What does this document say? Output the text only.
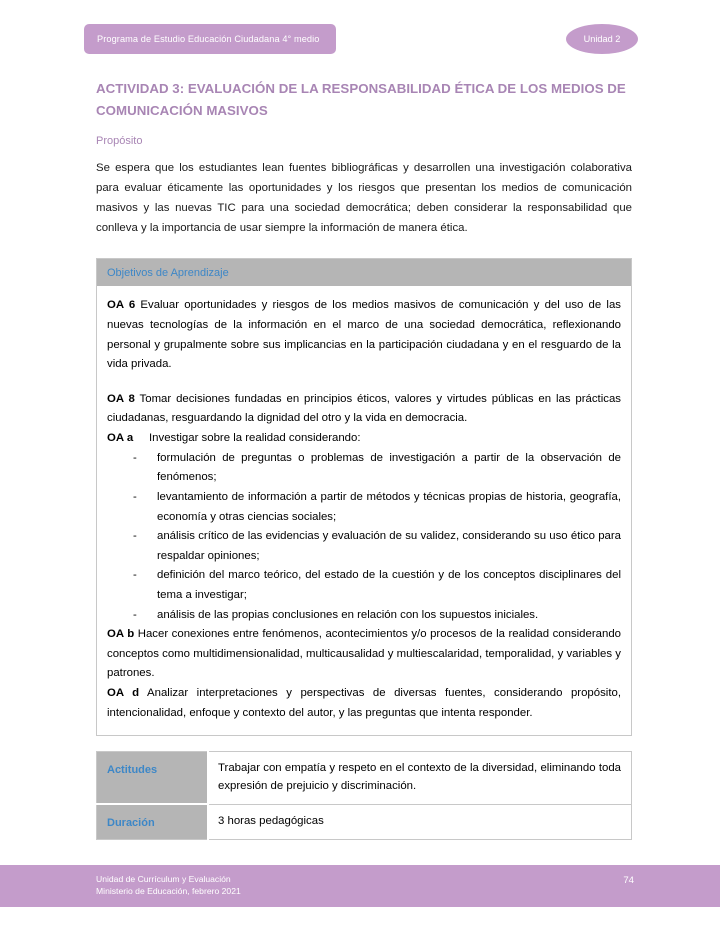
Programa de Estudio Educación Ciudadana 4° medio	Unidad 2
ACTIVIDAD 3: EVALUACIÓN DE LA RESPONSABILIDAD ÉTICA DE LOS MEDIOS DE COMUNICACIÓN MASIVOS
Propósito

Se espera que los estudiantes lean fuentes bibliográficas y desarrollen una investigación colaborativa para evaluar éticamente las oportunidades y los riesgos que presentan los medios de comunicación masivos y las nuevas TIC para una sociedad democrática; deben considerar la responsabilidad que conlleva y la importancia de usar siempre la información de manera ética.

Objetivos de Aprendizaje

OA 6 Evaluar oportunidades y riesgos de los medios masivos de comunicación y del uso de las nuevas tecnologías de la información en el marco de una sociedad democrática, reflexionando personal y grupalmente sobre sus implicancias en la participación ciudadana y en el resguardo de la vida privada.

OA 8 Tomar decisiones fundadas en principios éticos, valores y virtudes públicas en las prácticas ciudadanas, resguardando la dignidad del otro y la vida en democracia.

OA a	Investigar sobre la realidad considerando:
-	formulación de preguntas o problemas de investigación a partir de la observación de fenómenos;
-	levantamiento de información a partir de métodos y técnicas propias de historia, geografía, economía y otras ciencias sociales;
-	análisis crítico de las evidencias y evaluación de su validez, considerando su uso ético para respaldar opiniones;
-	definición del marco teórico, del estado de la cuestión y de los conceptos disciplinares del tema a investigar;
-	análisis de las propias conclusiones en relación con los supuestos iniciales.

OA b Hacer conexiones entre fenómenos, acontecimientos y/o procesos de la realidad considerando conceptos como multidimensionalidad, multicausalidad y multiescalaridad, temporalidad, y variables y patrones.

OA d Analizar interpretaciones y perspectivas de diversas fuentes, considerando propósito, intencionalidad, enfoque y contexto del autor, y las preguntas que intenta responder.

Actitudes	Trabajar con empatía y respeto en el contexto de la diversidad, eliminando toda expresión de prejuicio y discriminación.

Duración	3 horas pedagógicas
Unidad de Currículum y Evaluación
Ministerio de Educación, febrero 2021
74
